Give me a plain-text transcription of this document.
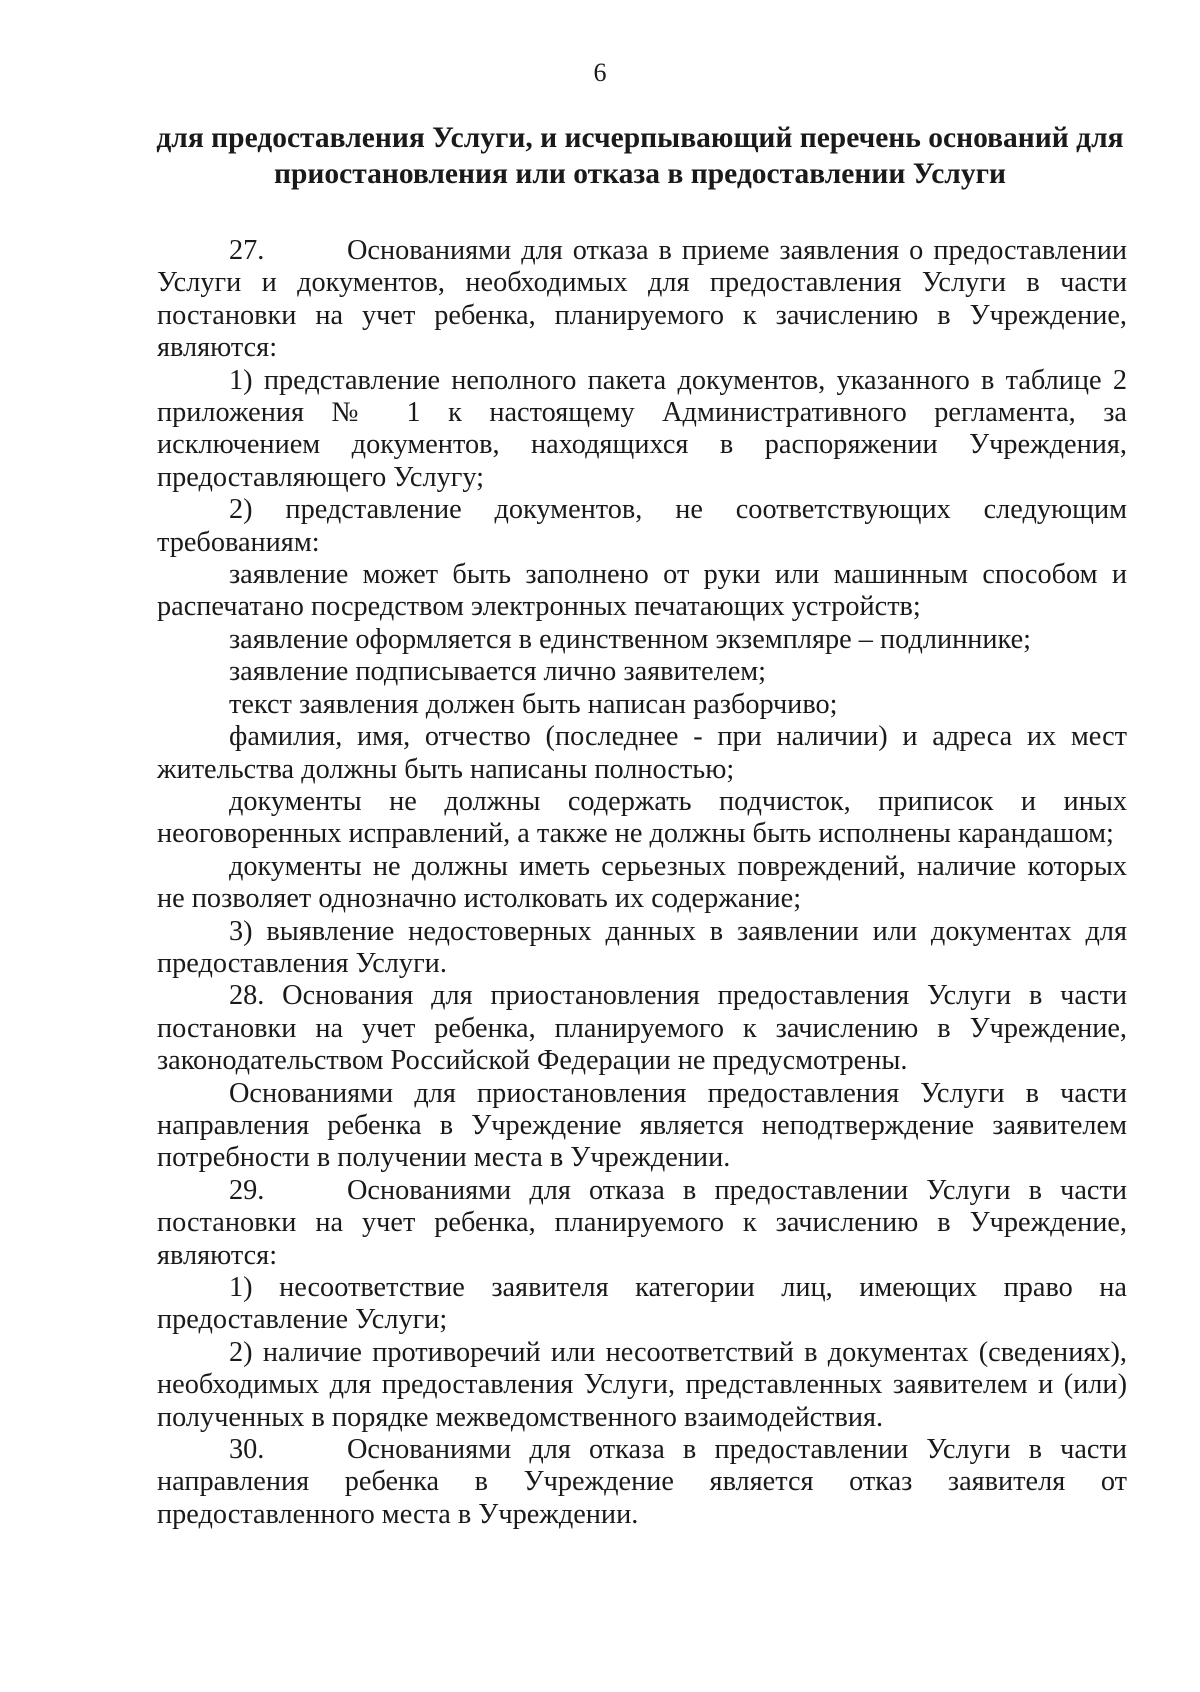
6
для предоставления Услуги, и исчерпывающий перечень оснований для
приостановления или отказа в предоставлении Услуги

27.	Основаниями для отказа в приеме заявления о предоставлении Услуги и документов, необходимых для предоставления Услуги в части постановки на учет ребенка, планируемого к зачислению в Учреждение, являются:

1) представление неполного пакета документов, указанного в таблице 2 приложения № 1 к настоящему Административного регламента, за исключением документов, находящихся в распоряжении Учреждения, предоставляющего Услугу;

2) представление документов, не соответствующих следующим требованиям:

заявление может быть заполнено от руки или машинным способом и распечатано посредством электронных печатающих устройств;

заявление оформляется в единственном экземпляре – подлиннике;

заявление подписывается лично заявителем;

текст заявления должен быть написан разборчиво;

фамилия, имя, отчество (последнее - при наличии) и адреса их мест жительства должны быть написаны полностью;

документы не должны содержать подчисток, приписок и иных неоговоренных исправлений, а также не должны быть исполнены карандашом;

документы не должны иметь серьезных повреждений, наличие которых не позволяет однозначно истолковать их содержание;

3) выявление недостоверных данных в заявлении или документах для предоставления Услуги.

28. Основания для приостановления предоставления Услуги в части постановки на учет ребенка, планируемого к зачислению в Учреждение, законодательством Российской Федерации не предусмотрены.

Основаниями для приостановления предоставления Услуги в части направления ребенка в Учреждение является неподтверждение заявителем потребности в получении места в Учреждении.

29.	Основаниями для отказа в предоставлении Услуги в части постановки на учет ребенка, планируемого к зачислению в Учреждение, являются:

1) несоответствие заявителя категории лиц, имеющих право на предоставление Услуги;

2) наличие противоречий или несоответствий в документах (сведениях), необходимых для предоставления Услуги, представленных заявителем и (или) полученных в порядке межведомственного взаимодействия.

30.	Основаниями для отказа в предоставлении Услуги в части направления ребенка в Учреждение является отказ заявителя от предоставленного места в Учреждении.
